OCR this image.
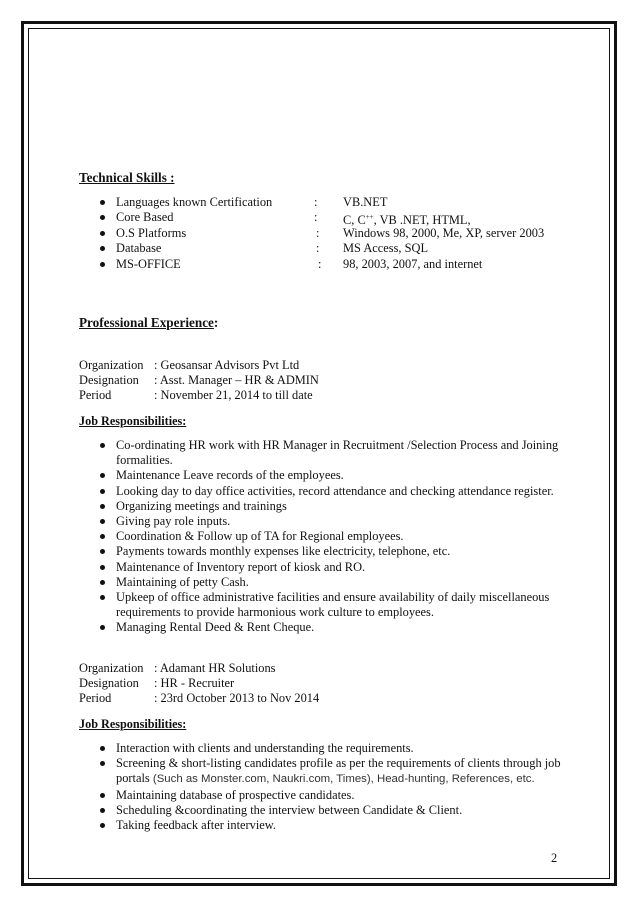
Technical Skills :
Languages known Certification	: VB.NET
Core Based	: C, C++, VB .NET, HTML,
O.S Platforms	: Windows 98, 2000, Me, XP, server 2003
Database	: MS Access, SQL
MS-OFFICE	: 98, 2003, 2007, and internet
Professional Experience:
Organization : Geosansar Advisors Pvt Ltd
Designation : Asst. Manager – HR & ADMIN
Period	: November 21, 2014 to till date
Job Responsibilities:
Co-ordinating HR work with HR Manager in Recruitment /Selection Process and Joining formalities.
Maintenance Leave records of the employees.
Looking day to day office activities, record attendance and checking attendance register.
Organizing meetings and trainings
Giving pay role inputs.
Coordination & Follow up of TA for Regional employees.
Payments towards monthly expenses like electricity, telephone, etc.
Maintenance of Inventory report of kiosk and RO.
Maintaining of petty Cash.
Upkeep of office administrative facilities and ensure availability of daily miscellaneous requirements to provide harmonious work culture to employees.
Managing Rental Deed & Rent Cheque.
Organization : Adamant HR Solutions
Designation : HR - Recruiter
Period	: 23rd October 2013 to Nov 2014
Job Responsibilities:
Interaction with clients and understanding the requirements.
Screening & short-listing candidates profile as per the requirements of clients through job portals (Such as Monster.com, Naukri.com, Times), Head-hunting, References, etc.
Maintaining database of prospective candidates.
Scheduling &coordinating the interview between Candidate & Client.
Taking feedback after interview.
2
